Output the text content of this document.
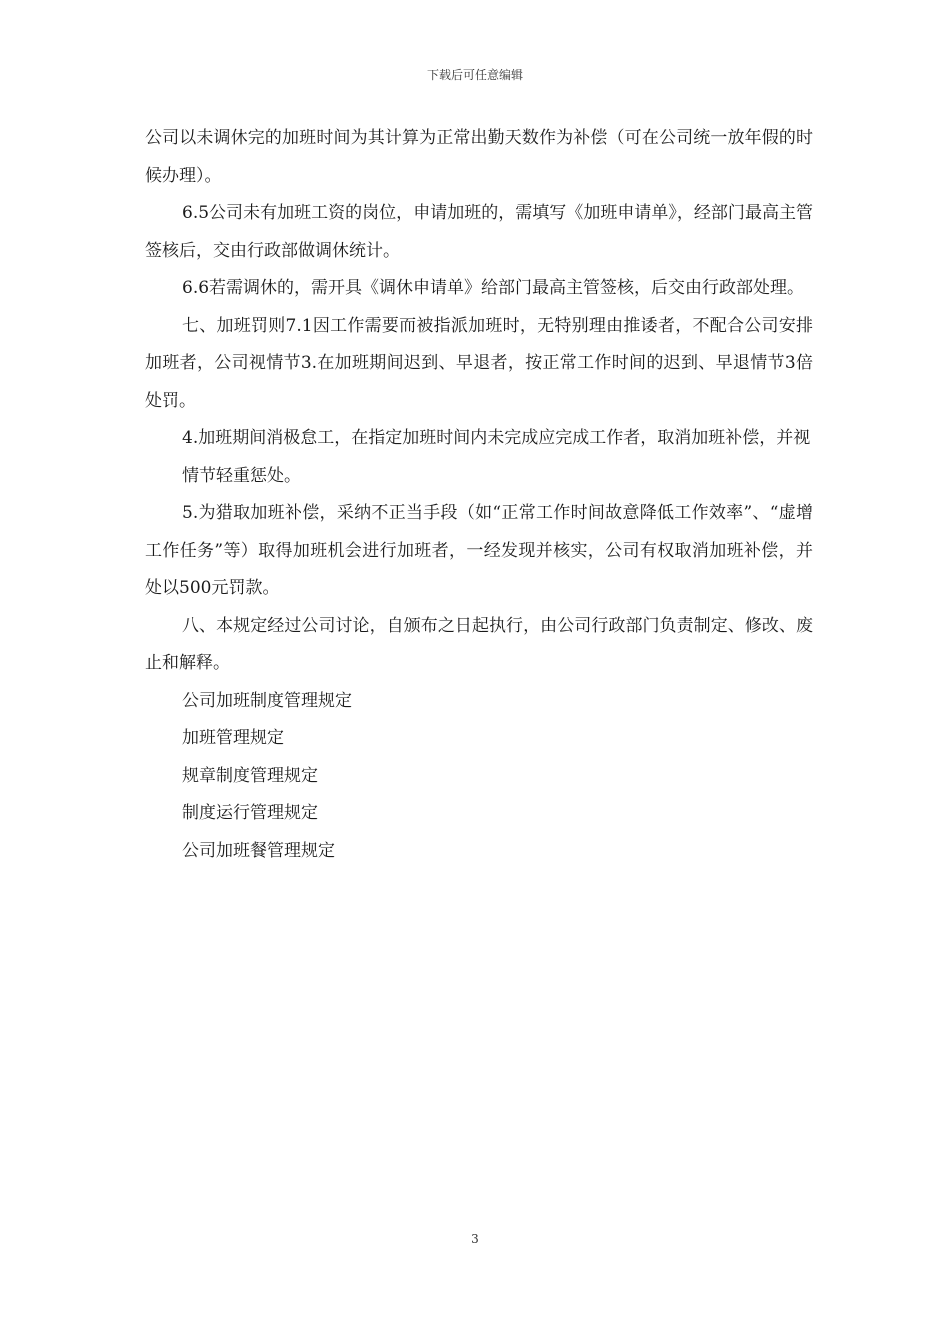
下载后可任意编辑

公司以未调休完的加班时间为其计算为正常出勤天数作为补偿（可在公司统一放年假的时候办理）。

6.5公司未有加班工资的岗位，申请加班的，需填写《加班申请单》，经部门最高主管签核后，交由行政部做调休统计。

6.6若需调休的，需开具《调休申请单》给部门最高主管签核，后交由行政部处理。

七、加班罚则7.1因工作需要而被指派加班时，无特别理由推诿者，不配合公司安排加班者，公司视情节3.在加班期间迟到、早退者，按正常工作时间的迟到、早退情节3倍处罚。

4.加班期间消极怠工，在指定加班时间内未完成应完成工作者，取消加班补偿，并视

情节轻重惩处。

5.为猎取加班补偿，采纳不正当手段（如“正常工作时间故意降低工作效率”、“虚增工作任务”等）取得加班机会进行加班者，一经发现并核实，公司有权取消加班补偿，并处以500元罚款。

八、本规定经过公司讨论，自颁布之日起执行，由公司行政部门负责制定、修改、废止和解释。

公司加班制度管理规定

加班管理规定

规章制度管理规定

制度运行管理规定

公司加班餐管理规定

3
